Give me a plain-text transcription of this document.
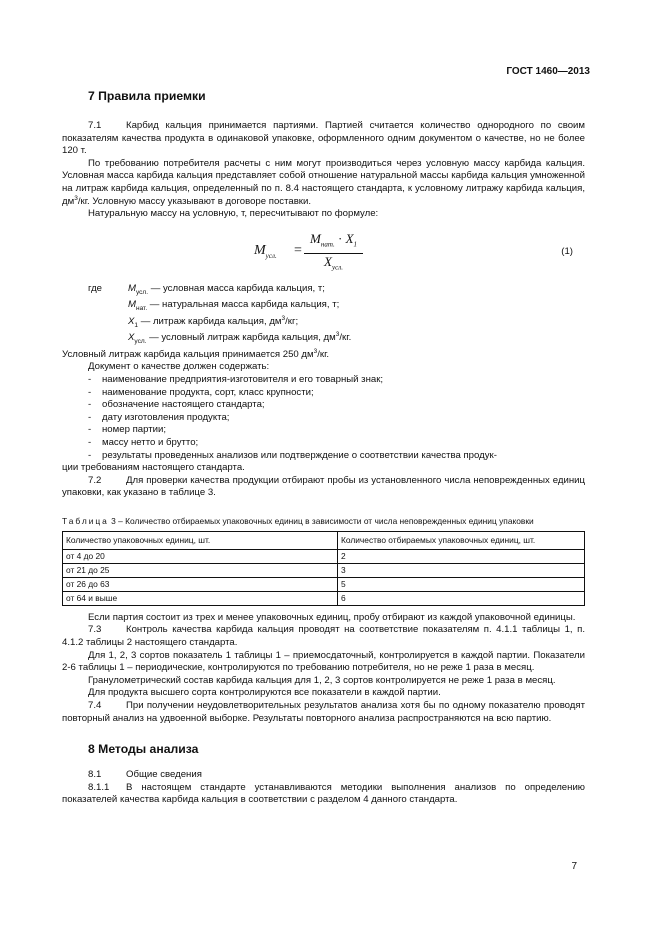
ГОСТ 1460—2013
7 Правила приемки

7.1	Карбид кальция принимается партиями. Партией считается количество однородного по своим показателям качества продукта в одинаковой упаковке, оформленного одним документом о качестве, но не более 120 т.

По требованию потребителя расчеты с ним могут производиться через условную массу карбида кальция. Условная масса карбида кальция представляет собой отношение натуральной массы карбида кальция умноженной на литраж карбида кальция, определенный по п. 8.4 настоящего стандарта, к условному литражу карбида кальция, $дм^3/кг$. Условную массу указывают в договоре поставки.

Натуральную массу на условную, т, пересчитывают по формуле:

$M_{усл.}$ =
$M_{нат.} \cdot X_1$
$X_{усл.}$
(1)
где	$M_{усл.}$ — условная масса карбида кальция, т;
$M_{нат.}$ — натуральная масса карбида кальция, т;
$X_1$ — литраж карбида кальция, $дм^3/кг$;
$X_{усл.}$ — условный литраж карбида кальция, $дм^3/кг$.

Условный литраж карбида кальция принимается 250 $дм^3/кг$.

Документ о качестве должен содержать:

- наименование предприятия-изготовителя и его товарный знак;
- наименование продукта, сорт, класс крупности;
- обозначение настоящего стандарта;
- дату изготовления продукта;
- номер партии;
- массу нетто и брутто;
- результаты проведенных анализов или подтверждение о соответствии качества продук-
ции требованиям настоящего стандарта.

7.2	Для проверки качества продукции отбирают пробы из установленного числа неповрежденных единиц упаковки, как указано в таблице 3.

Таблица 3 – Количество отбираемых упаковочных единиц в зависимости от числа неповрежденных единиц упаковки
Количество упаковочных единиц, шт.	Количество отбираемых упаковочных единиц, шт.
от 4 до 20	2
от 21 до 25	3
от 26 до 63	5
от 64 и выше	6

Если партия состоит из трех и менее упаковочных единиц, пробу отбирают из каждой упаковочной единицы.

7.3	Контроль качества карбида кальция проводят на соответствие показателям п. 4.1.1 таблицы 1, п. 4.1.2 таблицы 2 настоящего стандарта.

Для 1, 2, 3 сортов показатель 1 таблицы 1 – приемосдаточный, контролируется в каждой партии. Показатели 2-6 таблицы 1 – периодические, контролируются по требованию потребителя, но не реже 1 раза в месяц.

Гранулометрический состав карбида кальция для 1, 2, 3 сортов контролируется не реже 1 раза в месяц.

Для продукта высшего сорта контролируются все показатели в каждой партии.

7.4	При получении неудовлетворительных результатов анализа хотя бы по одному показателю проводят повторный анализ на удвоенной выборке. Результаты повторного анализа распространяются на всю партию.

8 Методы анализа

8.1	Общие сведения

8.1.1 В настоящем стандарте устанавливаются методики выполнения анализов по определению показателей качества карбида кальция в соответствии с разделом 4 данного стандарта.

7
